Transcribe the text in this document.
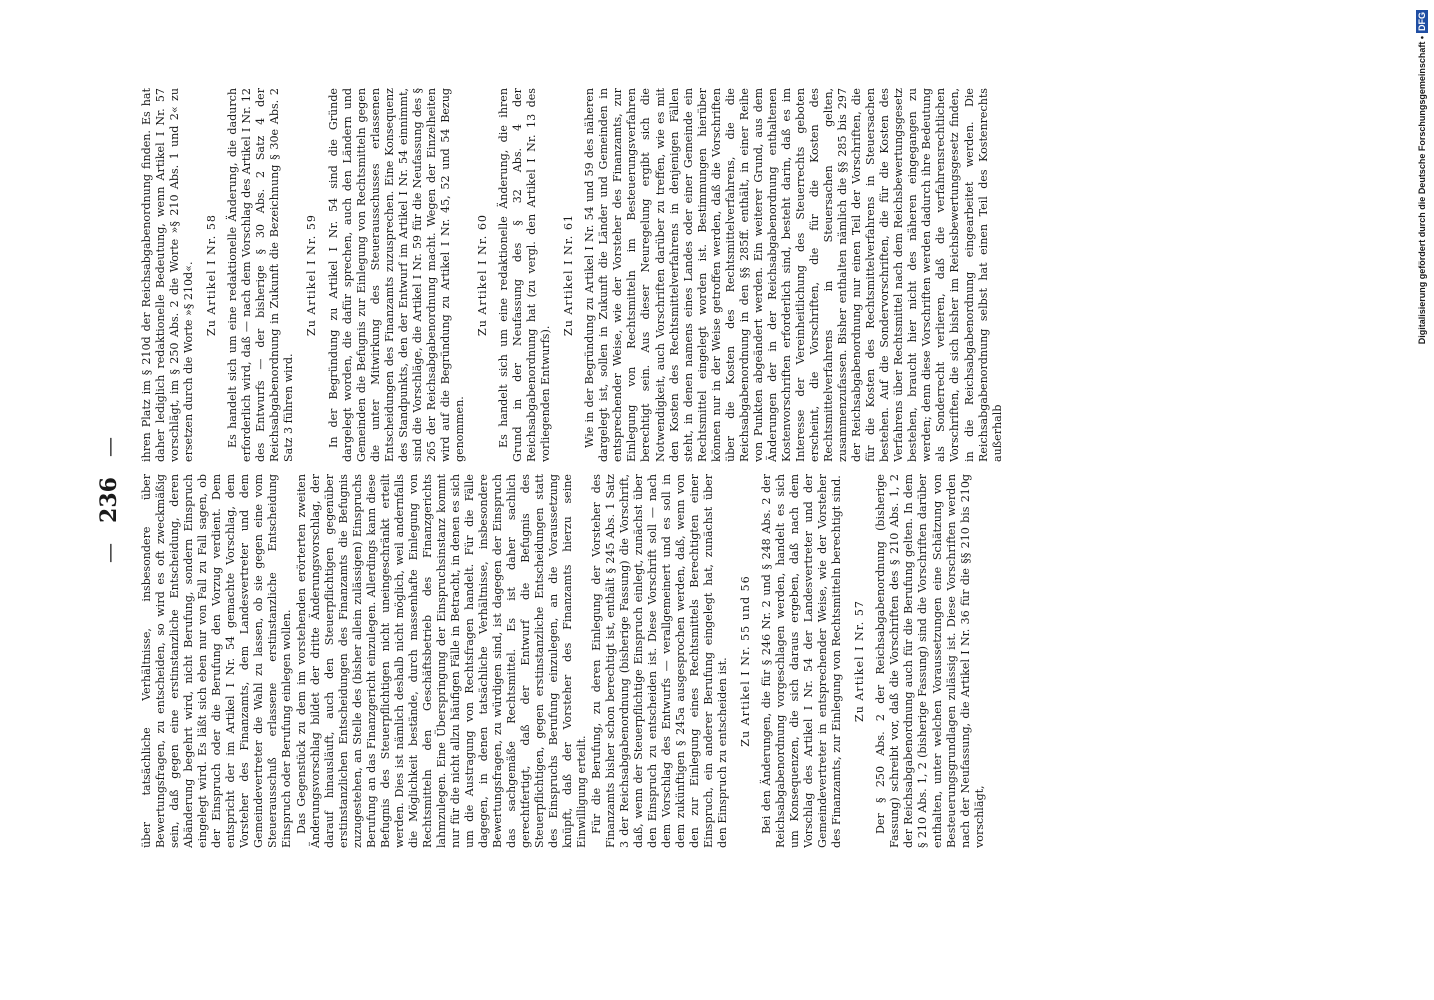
—
236
—

über tatsächliche Verhältnisse, insbesondere über Bewertungsfragen, zu entscheiden, so wird es oft zweckmäßig sein, daß gegen eine erstinstanzliche Entscheidung, deren Abänderung begehrt wird, nicht Berufung, sondern Einspruch eingelegt wird. Es läßt sich eben nur von Fall zu Fall sagen, ob der Einspruch oder die Berufung den Vorzug verdient. Dem entspricht der im Artikel I Nr. 54 gemachte Vorschlag, dem Vorsteher des Finanzamts, dem Landesvertreter und dem Gemeindevertreter die Wahl zu lassen, ob sie gegen eine vom Steuerausschuß erlassene erstinstanzliche Entscheidung Einspruch oder Berufung einlegen wollen. Das Gegenstück zu dem im vorstehenden erörterten zweiten Änderungsvorschlag bildet der dritte Änderungsvorschlag, der darauf hinausläuft, auch den Steuerpflichtigen gegenüber erstinstanzlichen Entscheidungen des Finanzamts die Befugnis zuzugestehen, an Stelle des (bisher allein zulässigen) Einspruchs Berufung an das Finanzgericht einzulegen. Allerdings kann diese Befugnis des Steuerpflichtigen nicht uneingeschränkt erteilt werden. Dies ist nämlich deshalb nicht möglich, weil andernfalls die Möglichkeit bestände, durch massenhafte Einlegung von Rechtsmitteln den Geschäftsbetrieb des Finanzgerichts lahmzulegen. Eine Überspringung der Einspruchsinstanz kommt nur für die nicht allzu häufigen Fälle in Betracht, in denen es sich um die Austragung von Rechtsfragen handelt. Für die Fälle dagegen, in denen tatsächliche Verhältnisse, insbesondere Bewertungsfragen, zu würdigen sind, ist dagegen der Einspruch das sachgemäße Rechtsmittel. Es ist daher sachlich gerechtfertigt, daß der Entwurf die Befugnis des Steuerpflichtigen, gegen erstinstanzliche Entscheidungen statt des Einspruchs Berufung einzulegen, an die Voraussetzung knüpft, daß der Vorsteher des Finanzamts hierzu seine Einwilligung erteilt. Für die Berufung, zu deren Einlegung der Vorsteher des Finanzamts bisher schon berechtigt ist, enthält § 245 Abs. 1 Satz 3 der Reichsabgabenordnung (bisherige Fassung) die Vorschrift, daß, wenn der Steuerpflichtige Einspruch einlegt, zunächst über den Einspruch zu entscheiden ist. Diese Vorschrift soll — nach dem Vorschlag des Entwurfs — verallgemeinert und es soll in dem zukünftigen § 245a ausgesprochen werden, daß, wenn von den zur Einlegung eines Rechtsmittels Berechtigten einer Einspruch, ein anderer Berufung eingelegt hat, zunächst über den Einspruch zu entscheiden ist. Zu Artikel I Nr. 55 und 56 Bei den Änderungen, die für § 246 Nr. 2 und § 248 Abs. 2 der Reichsabgabenordnung vorgeschlagen werden, handelt es sich um Konsequenzen, die sich daraus ergeben, daß nach dem Vorschlag des Artikel I Nr. 54 der Landesvertreter und der Gemeindevertreter in entsprechender Weise, wie der Vorsteher des Finanzamts, zur Einlegung von Rechtsmitteln berechtigt sind. Zu Artikel I Nr. 57 Der § 250 Abs. 2 der Reichsabgabenordnung (bisherige Fassung) schreibt vor, daß die Vorschriften des § 210 Abs. 1, 2 der Reichsabgabenordnung auch für die Berufung gelten. In dem § 210 Abs. 1, 2 (bisherige Fassung) sind die Vorschriften darüber enthalten, unter welchen Voraussetzungen eine Schätzung von Besteuerungsgrundlagen zulässig ist. Diese Vorschriften werden nach der Neufassung, die Artikel I Nr. 36 für die §§ 210 bis 210g vorschlägt,

ihren Platz im § 210d der Reichsabgabenordnung finden. Es hat daher lediglich redaktionelle Bedeutung, wenn Artikel I Nr. 57 vorschlägt, im § 250 Abs. 2 die Worte »§ 210 Abs. 1 und 2« zu ersetzen durch die Worte »§ 210d«. Zu Artikel I Nr. 58 Es handelt sich um eine redaktionelle Änderung, die dadurch erforderlich wird, daß — nach dem Vorschlag des Artikel I Nr. 12 des Entwurfs — der bisherige § 30 Abs. 2 Satz 4 der Reichsabgabenordnung in Zukunft die Bezeichnung § 30e Abs. 2 Satz 3 führen wird.

Zu Artikel I Nr. 59 In der Begründung zu Artikel I Nr. 54 sind die Gründe dargelegt worden, die dafür sprechen, auch den Ländern und Gemeinden die Befugnis zur Einlegung von Rechtsmitteln gegen die unter Mitwirkung des Steuerausschusses erlassenen Entscheidungen des Finanzamts zuzusprechen. Eine Konsequenz des Standpunkts, den der Entwurf im Artikel I Nr. 54 einnimmt, sind die Vorschläge, die Artikel I Nr. 59 für die Neufassung des § 265 der Reichsabgabenordnung macht. Wegen der Einzelheiten wird auf die Begründung zu Artikel I Nr. 45, 52 und 54 Bezug genommen.

Zu Artikel I Nr. 60 Es handelt sich um eine redaktionelle Änderung, die ihren Grund in der Neufassung des § 32 Abs. 4 der Reichsabgabenordnung hat (zu vergl. den Artikel I Nr. 13 des vorliegenden Entwurfs).

Zu Artikel I Nr. 61 Wie in der Begründung zu Artikel I Nr. 54 und 59 des näheren dargelegt ist, sollen in Zukunft die Länder und Gemeinden in entsprechender Weise, wie der Vorsteher des Finanzamts, zur Einlegung von Rechtsmitteln im Besteuerungsverfahren berechtigt sein. Aus dieser Neuregelung ergibt sich die Notwendigkeit, auch Vorschriften darüber zu treffen, wie es mit den Kosten des Rechtsmittelverfahrens in denjenigen Fällen steht, in denen namens eines Landes oder einer Gemeinde ein Rechtsmittel eingelegt worden ist. Bestimmungen hierüber können nur in der Weise getroffen werden, daß die Vorschriften über die Kosten des Rechtsmittelverfahrens, die die Reichsabgabenordnung in den §§ 285ff. enthält, in einer Reihe von Punkten abgeändert werden. Ein weiterer Grund, aus dem Änderungen der in der Reichsabgabenordnung enthaltenen Kostenvorschriften erforderlich sind, besteht darin, daß es im Interesse der Vereinheitlichung des Steuerrechts geboten erscheint, die Vorschriften, die für die Kosten des Rechtsmittelverfahrens in Steuersachen gelten, zusammenzufassen. Bisher enthalten nämlich die §§ 285 bis 297 der Reichsabgabenordnung nur einen Teil der Vorschriften, die für die Kosten des Rechtsmittelverfahrens in Steuersachen bestehen. Auf die Sondervorschriften, die für die Kosten des Verfahrens über Rechtsmittel nach dem Reichsbewertungsgesetz bestehen, braucht hier nicht des näheren eingegangen zu werden; denn diese Vorschriften werden dadurch ihre Bedeutung als Sonderrecht verlieren, daß die verfahrensrechtlichen Vorschriften, die sich bisher im Reichsbewertungsgesetz finden, in die Reichsabgabenordnung eingearbeitet werden. Die Reichsabgabenordnung selbst hat einen Teil des Kostenrechts außerhalb

Digitalisierung gefördert durch die Deutsche Forschungsgemeinschaft •
DFG
